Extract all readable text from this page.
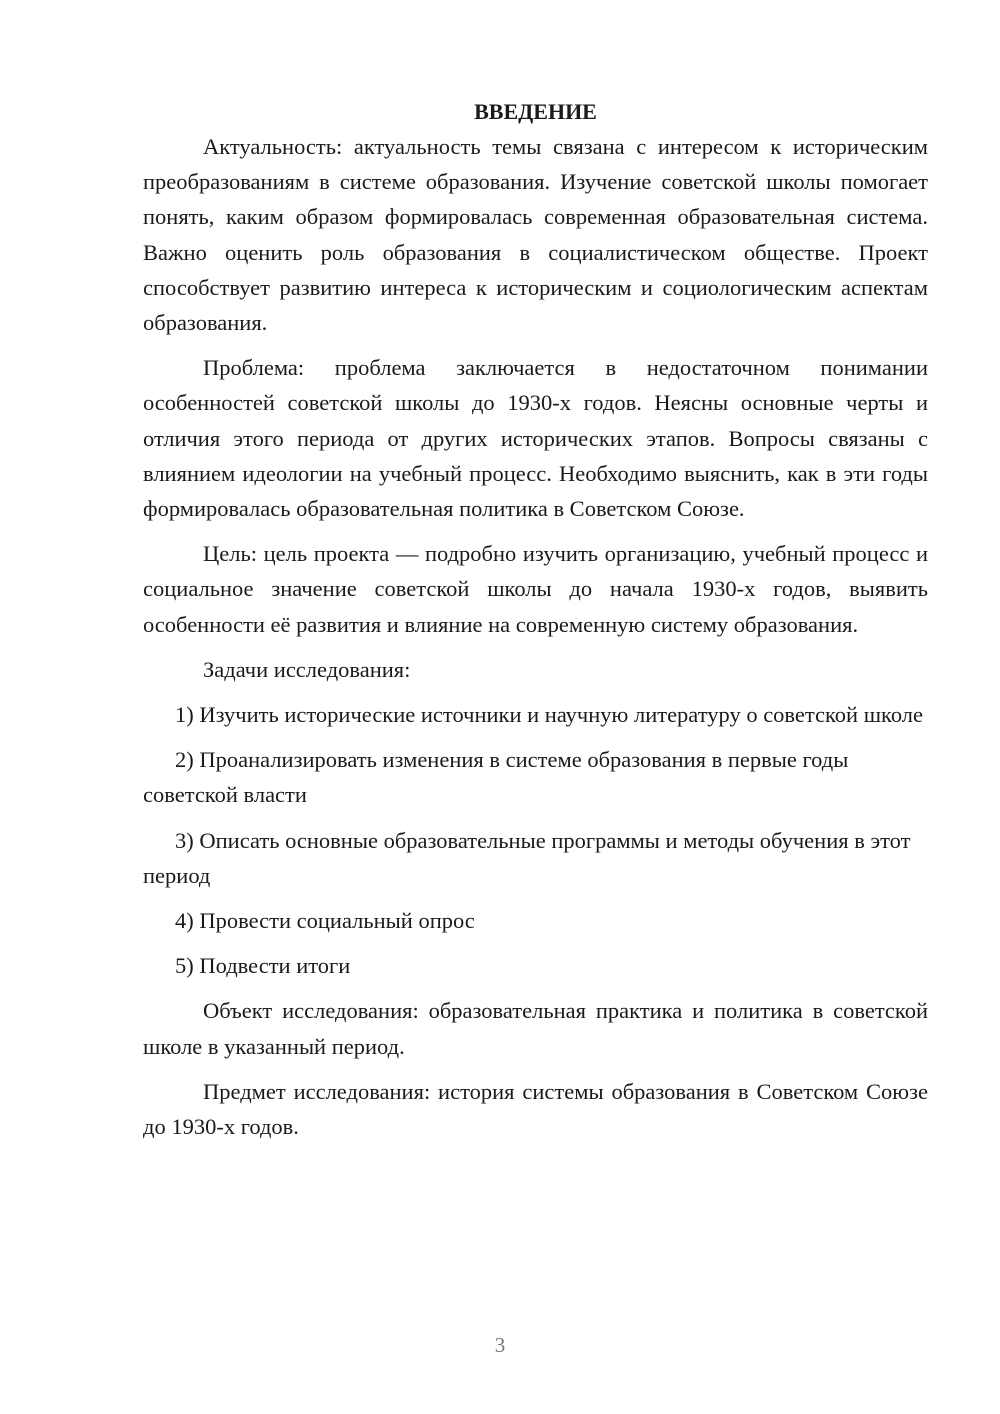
ВВЕДЕНИЕ

Актуальность: актуальность темы связана с интересом к историческим преобразованиям в системе образования. Изучение советской школы помогает понять, каким образом формировалась современная образовательная система. Важно оценить роль образования в социалистическом обществе. Проект способствует развитию интереса к историческим и социологическим аспектам образования.

Проблема: проблема заключается в недостаточном понимании особенностей советской школы до 1930-х годов. Неясны основные черты и отличия этого периода от других исторических этапов. Вопросы связаны с влиянием идеологии на учебный процесс. Необходимо выяснить, как в эти годы формировалась образовательная политика в Советском Союзе.

Цель: цель проекта — подробно изучить организацию, учебный процесс и социальное значение советской школы до начала 1930-х годов, выявить особенности её развития и влияние на современную систему образования.

Задачи исследования:

1) Изучить исторические источники и научную литературу о советской школе

2) Проанализировать изменения в системе образования в первые годы советской власти

3) Описать основные образовательные программы и методы обучения в этот период

4) Провести социальный опрос

5) Подвести итоги

Объект исследования: образовательная практика и политика в советской школе в указанный период.

Предмет исследования: история системы образования в Советском Союзе до 1930-х годов.

3
